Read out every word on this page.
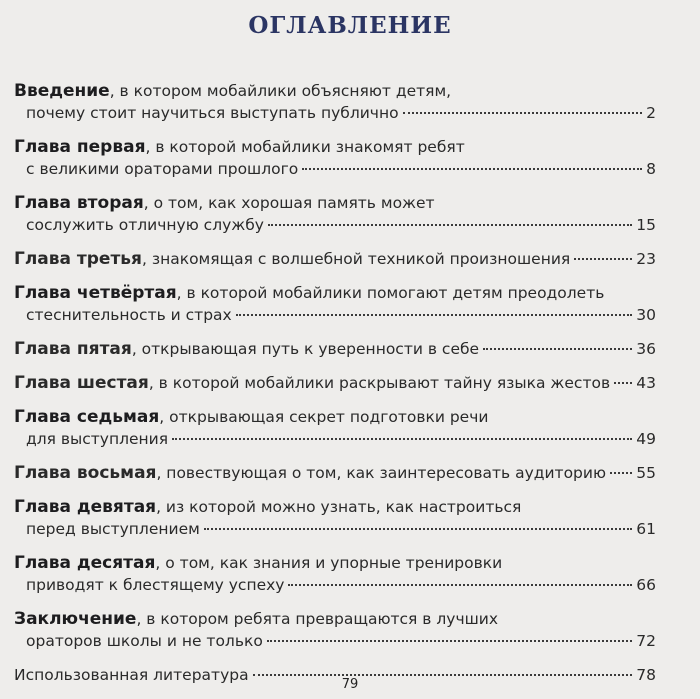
ОГЛАВЛЕНИЕ
Введение, в котором мобайлики объясняют детям,
почему стоит научиться выступать публично	2
Глава первая, в которой мобайлики знакомят ребят
с великими ораторами прошлого	8
Глава вторая, о том, как хорошая память может
сослужить отличную службу	15
Глава третья, знакомящая с волшебной техникой произношения	23
Глава четвёртая, в которой мобайлики помогают детям преодолеть
стеснительность и страх	30
Глава пятая, открывающая путь к уверенности в себе	36
Глава шестая, в которой мобайлики раскрывают тайну языка жестов 43
Глава седьмая, открывающая секрет подготовки речи
для выступления	49
Глава восьмая, повествующая о том, как заинтересовать аудиторию 55
Глава девятая, из которой можно узнать, как настроиться
перед выступлением	61
Глава десятая, о том, как знания и упорные тренировки
приводят к блестящему успеху	66
Заключение, в котором ребята превращаются в лучших
ораторов школы и не только	72
Использованная литература	78
79
